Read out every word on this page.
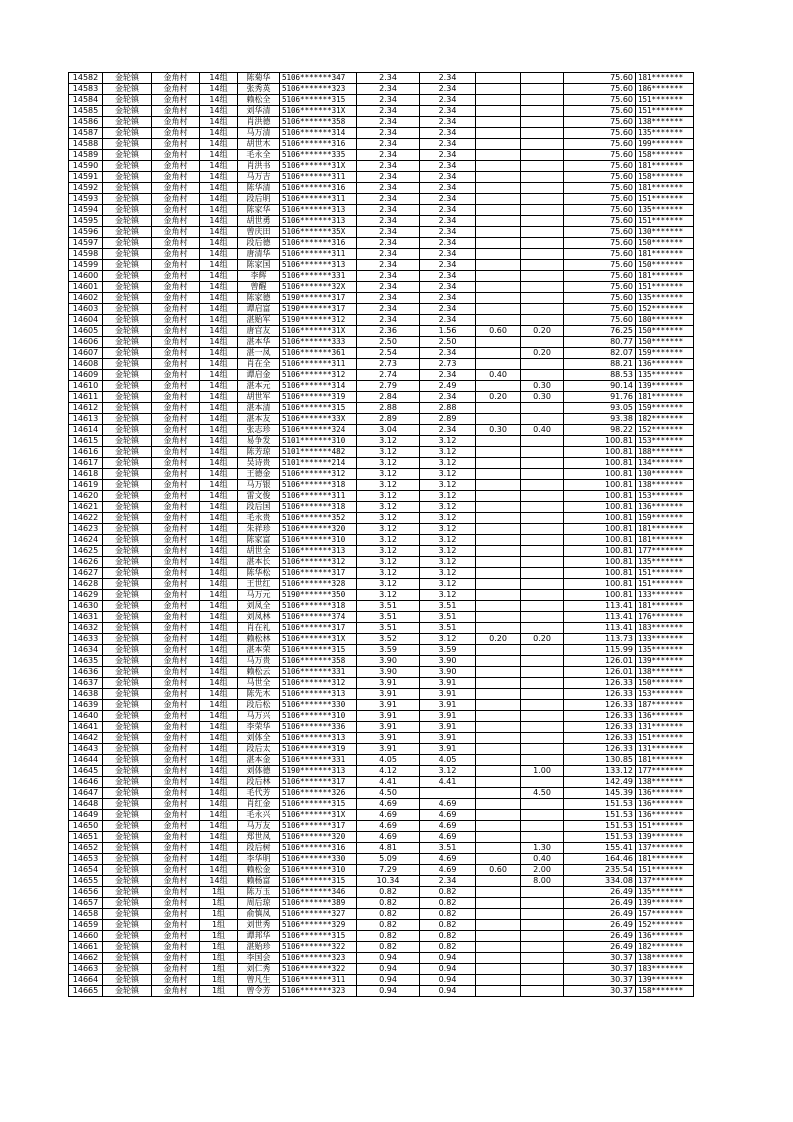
14582	金轮镇	金角村	14组	陈菊华	5106*******347	2.34	2.34			75.60	181*******
14583	金轮镇	金角村	14组	张秀英	5106*******323	2.34	2.34			75.60	186*******
14584	金轮镇	金角村	14组	赖松全	5106*******315	2.34	2.34			75.60	151*******
14585	金轮镇	金角村	14组	刘华清	5106*******31X	2.34	2.34			75.60	151*******
14586	金轮镇	金角村	14组	肖洪德	5106*******358	2.34	2.34			75.60	138*******
14587	金轮镇	金角村	14组	马万清	5106*******314	2.34	2.34			75.60	135*******
14588	金轮镇	金角村	14组	胡世木	5106*******316	2.34	2.34			75.60	199*******
14589	金轮镇	金角村	14组	毛永全	5106*******335	2.34	2.34			75.60	158*******
14590	金轮镇	金角村	14组	肖洪书	5106*******31X	2.34	2.34			75.60	181*******
14591	金轮镇	金角村	14组	马万吉	5106*******311	2.34	2.34			75.60	158*******
14592	金轮镇	金角村	14组	陈华清	5106*******316	2.34	2.34			75.60	181*******
14593	金轮镇	金角村	14组	段后明	5106*******311	2.34	2.34			75.60	151*******
14594	金轮镇	金角村	14组	陈家华	5106*******313	2.34	2.34			75.60	135*******
14595	金轮镇	金角村	14组	胡世勇	5106*******313	2.34	2.34			75.60	151*******
14596	金轮镇	金角村	14组	曾庆田	5106*******35X	2.34	2.34			75.60	130*******
14597	金轮镇	金角村	14组	段后德	5106*******316	2.34	2.34			75.60	150*******
14598	金轮镇	金角村	14组	唐清华	5106*******311	2.34	2.34			75.60	181*******
14599	金轮镇	金角村	14组	陈家国	5106*******313	2.34	2.34			75.60	150*******
14600	金轮镇	金角村	14组	李辉	5106*******331	2.34	2.34			75.60	181*******
14601	金轮镇	金角村	14组	曾醒	5106*******32X	2.34	2.34			75.60	151*******
14602	金轮镇	金角村	14组	陈家德	5190*******317	2.34	2.34			75.60	135*******
14603	金轮镇	金角村	14组	谭启富	5190*******317	2.34	2.34			75.60	152*******
14604	金轮镇	金角村	14组	湛贻军	5190*******312	2.34	2.34			75.60	180*******
14605	金轮镇	金角村	14组	唐官友	5106*******31X	2.36	1.56	0.60	0.20	76.25	150*******
14606	金轮镇	金角村	14组	湛本华	5106*******333	2.50	2.50			80.77	150*******
14607	金轮镇	金角村	14组	湛一凤	5106*******361	2.54	2.34		0.20	82.07	159*******
14608	金轮镇	金角村	14组	肖在全	5106*******311	2.73	2.73			88.21	136*******
14609	金轮镇	金角村	14组	谭启金	5106*******312	2.74	2.34	0.40		88.53	135*******
14610	金轮镇	金角村	14组	湛本元	5106*******314	2.79	2.49		0.30	90.14	139*******
14611	金轮镇	金角村	14组	胡世军	5106*******319	2.84	2.34	0.20	0.30	91.76	181*******
14612	金轮镇	金角村	14组	湛本清	5106*******315	2.88	2.88			93.05	159*******
14613	金轮镇	金角村	14组	湛本友	5106*******33X	2.89	2.89			93.38	182*******
14614	金轮镇	金角村	14组	张志珍	5106*******324	3.04	2.34	0.30	0.40	98.22	152*******
14615	金轮镇	金角村	14组	易争发	5101*******310	3.12	3.12			100.81	153*******
14616	金轮镇	金角村	14组	陈芳琼	5101*******482	3.12	3.12			100.81	188*******
14617	金轮镇	金角村	14组	吴诗贵	5101*******214	3.12	3.12			100.81	134*******
14618	金轮镇	金角村	14组	王德金	5106*******312	3.12	3.12			100.81	130*******
14619	金轮镇	金角村	14组	马万银	5106*******318	3.12	3.12			100.81	138*******
14620	金轮镇	金角村	14组	雷文俊	5106*******311	3.12	3.12			100.81	153*******
14621	金轮镇	金角村	14组	段后国	5106*******318	3.12	3.12			100.81	136*******
14622	金轮镇	金角村	14组	毛永贵	5106*******352	3.12	3.12			100.81	159*******
14623	金轮镇	金角村	14组	朱祥珍	5106*******320	3.12	3.12			100.81	181*******
14624	金轮镇	金角村	14组	陈家富	5106*******310	3.12	3.12			100.81	181*******
14625	金轮镇	金角村	14组	胡世全	5106*******313	3.12	3.12			100.81	177*******
14626	金轮镇	金角村	14组	湛本长	5106*******312	3.12	3.12			100.81	135*******
14627	金轮镇	金角村	14组	陈华松	5106*******317	3.12	3.12			100.81	151*******
14628	金轮镇	金角村	14组	王世红	5106*******328	3.12	3.12			100.81	151*******
14629	金轮镇	金角村	14组	马万元	5190*******350	3.12	3.12			100.81	133*******
14630	金轮镇	金角村	14组	刘凤全	5106*******318	3.51	3.51			113.41	181*******
14631	金轮镇	金角村	14组	刘凤林	5106*******374	3.51	3.51			113.41	176*******
14632	金轮镇	金角村	14组	肖在礼	5106*******317	3.51	3.51			113.41	183*******
14633	金轮镇	金角村	14组	赖松林	5106*******31X	3.52	3.12	0.20	0.20	113.73	133*******
14634	金轮镇	金角村	14组	湛本荣	5106*******315	3.59	3.59			115.99	135*******
14635	金轮镇	金角村	14组	马万贵	5106*******358	3.90	3.90			126.01	139*******
14636	金轮镇	金角村	14组	赖松云	5106*******331	3.90	3.90			126.01	138*******
14637	金轮镇	金角村	14组	马世全	5106*******312	3.91	3.91			126.33	150*******
14638	金轮镇	金角村	14组	陈先木	5106*******313	3.91	3.91			126.33	153*******
14639	金轮镇	金角村	14组	段后松	5106*******330	3.91	3.91			126.33	187*******
14640	金轮镇	金角村	14组	马万兴	5106*******310	3.91	3.91			126.33	136*******
14641	金轮镇	金角村	14组	李荣华	5106*******336	3.91	3.91			126.33	131*******
14642	金轮镇	金角村	14组	刘体全	5106*******313	3.91	3.91			126.33	151*******
14643	金轮镇	金角村	14组	段后太	5106*******319	3.91	3.91			126.33	131*******
14644	金轮镇	金角村	14组	湛本金	5106*******331	4.05	4.05			130.85	181*******
14645	金轮镇	金角村	14组	刘体德	5190*******313	4.12	3.12		1.00	133.12	177*******
14646	金轮镇	金角村	14组	段后林	5106*******317	4.41	4.41			142.49	138*******
14647	金轮镇	金角村	14组	毛代芳	5106*******326	4.50			4.50	145.39	136*******
14648	金轮镇	金角村	14组	肖红金	5106*******315	4.69	4.69			151.53	136*******
14649	金轮镇	金角村	14组	毛永兴	5106*******31X	4.69	4.69			151.53	136*******
14650	金轮镇	金角村	14组	马万友	5106*******317	4.69	4.69			151.53	151*******
14651	金轮镇	金角村	14组	郑世凤	5106*******320	4.69	4.69			151.53	139*******
14652	金轮镇	金角村	14组	段后树	5106*******316	4.81	3.51		1.30	155.41	137*******
14653	金轮镇	金角村	14组	李华明	5106*******330	5.09	4.69		0.40	164.46	181*******
14654	金轮镇	金角村	14组	赖松金	5106*******310	7.29	4.69	0.60	2.00	235.54	151*******
14655	金轮镇	金角村	14组	赖杨富	5106*******315	10.34	2.34		8.00	334.08	137*******
14656	金轮镇	金角村	1组	陈万玉	5106*******346	0.82	0.82			26.49	135*******
14657	金轮镇	金角村	1组	周后琼	5106*******389	0.82	0.82			26.49	139*******
14658	金轮镇	金角村	1组	俞慎凤	5106*******327	0.82	0.82			26.49	157*******
14659	金轮镇	金角村	1组	刘世秀	5106*******329	0.82	0.82			26.49	152*******
14660	金轮镇	金角村	1组	谭邦华	5106*******315	0.82	0.82			26.49	136*******
14661	金轮镇	金角村	1组	湛贻珍	5106*******322	0.82	0.82			26.49	182*******
14662	金轮镇	金角村	1组	李国会	5106*******323	0.94	0.94			30.37	138*******
14663	金轮镇	金角村	1组	刘仁秀	5106*******322	0.94	0.94			30.37	183*******
14664	金轮镇	金角村	1组	曾凡生	5106*******311	0.94	0.94			30.37	139*******
14665	金轮镇	金角村	1组	曾令芳	5106*******323	0.94	0.94			30.37	158*******
